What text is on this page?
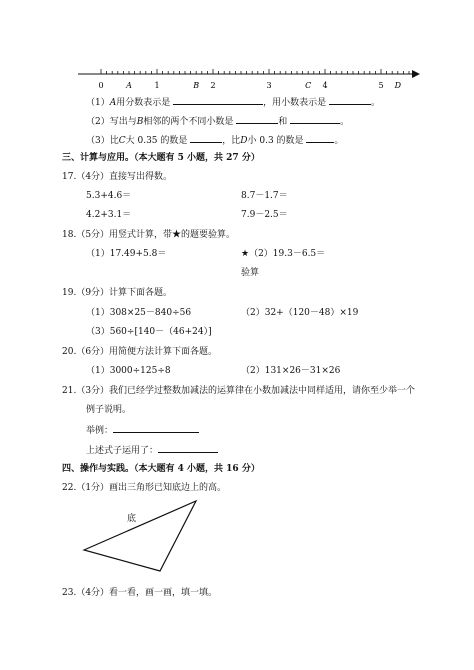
0	A	1	B 2	3	C 4	5 D
（1）A用分数表示是	，用小数表示是	。
（2）写出与B相邻的两个不同小数是	和	。
（3）比C大 0.35 的数是	，比D小 0.3 的数是	。
三、计算与应用。（本大题有 5 小题，共 27 分）
17.（4分）直接写出得数。
5.3+4.6＝	8.7－1.7＝
4.2+3.1＝	7.9－2.5＝
18.（5分）用竖式计算，带★的题要验算。
（1）17.49+5.8＝	★（2）19.3－6.5＝
验算
19.（9分）计算下面各题。
（1）308×25－840÷56	（2）32+（120－48）×19
（3）560÷[140－（46+24）]
20.（6分）用简便方法计算下面各题。
（1）3000÷125÷8	（2）131×26－31×26
21.（3分）我们已经学过整数加减法的运算律在小数加减法中同样适用，请你至少举一个
例子说明。
举例：
上述式子运用了：
四、操作与实践。（本大题有 4 小题，共 16 分）
22.（1分）画出三角形已知底边上的高。
底
23.（4分）看一看，画一画，填一填。
